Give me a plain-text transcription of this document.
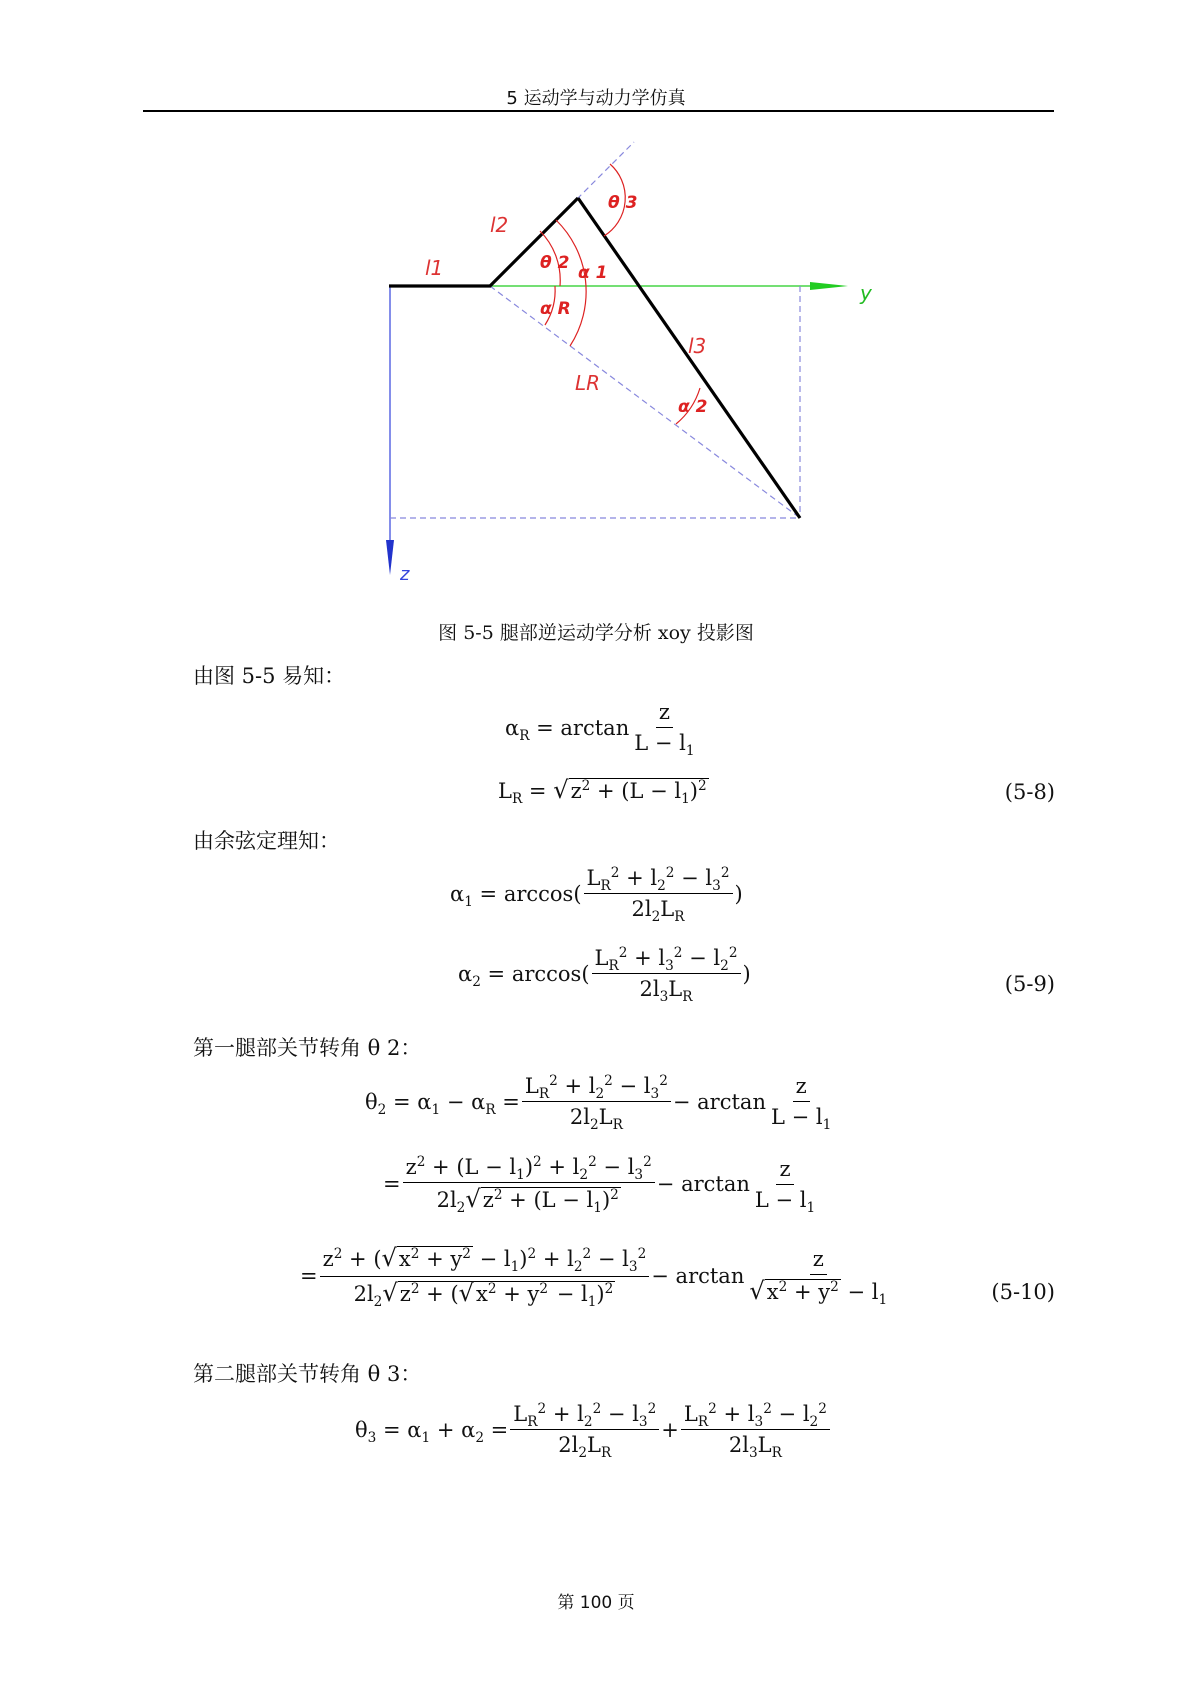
5 运动学与动力学仿真
l1
l2
l3
LR
θ 3
θ 2 α 1
α R
α 2
y
z
图 5-5 腿部逆运动学分析 xoy 投影图
由图 5-5 易知：
$\alpha_R = \arctan \frac{z}{L - l_1}$
$L_R = √z^2 + (L - l_1)^2$	(5-8)
由余弦定理知：
$\alpha_1 = \arccos( \frac{L_R^2 + l_2^2 - l_3^2}{2l_2L_R}$ )
$\alpha_2 = \arccos( \frac{L_R^2 + l_3^2 - l_2^2}{2l_3L_R}$ )	(5-9)
第一腿部关节转角 θ 2：
$\theta_2 = \alpha_1 - \alpha_R = \frac{L_R^2 + l_2^2 - l_3^2}{2l_2L_R} - \arctan \frac{z}{L - l_1}$
= $\frac{z^2 + (L - l_1)^2 + l_2^2 - l_3^2}{2l_2√z^2 + (L - l_1)^2} - \arctan \frac{z}{L - l_1}$
= $\frac{z^2 + (√x^2 + y^2 - l_1)^2 + l_2^2 - l_3^2}{2l_2√z^2 + (√x^2 + y^2 - l_1)^2} - \arctan \frac{z}{√x^2 + y^2 - l_1}$	(5-10)
第二腿部关节转角 θ 3：
$\theta_3 = \alpha_1 + \alpha_2 = \frac{L_R^2 + l_2^2 - l_3^2}{2l_2L_R} + \frac{L_R^2 + l_3^2 - l_2^2}{2l_3L_R}$
第 100 页
